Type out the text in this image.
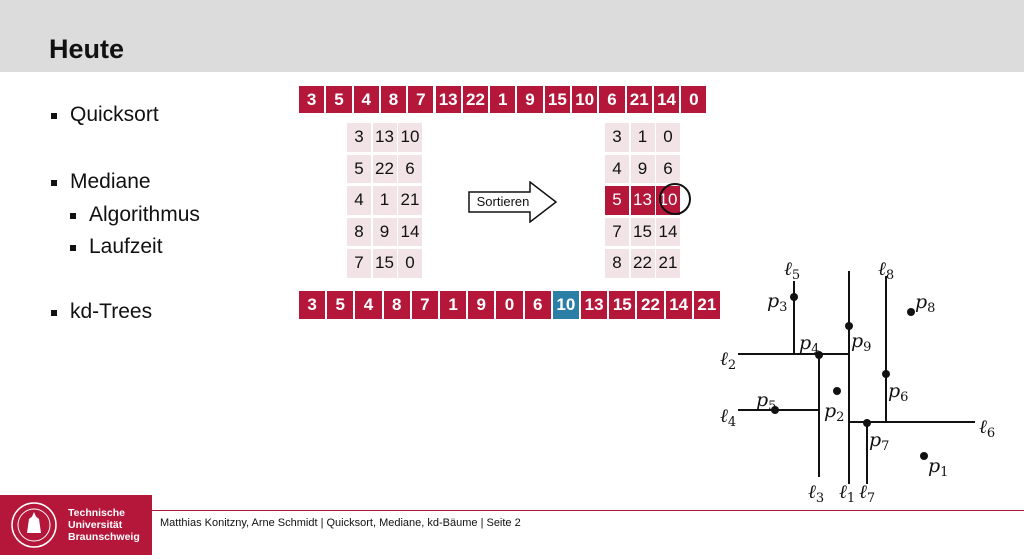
Heute
Quicksort
Mediane
Algorithmus
Laufzeit
kd-Trees
3	5	4	8	7 13 22 1	9 15 10 6 21 14 0
3	5	4	8	7	1	9	0	6 10 13 15 22 14 21
3 13 10
5 22 6
4 1 21
8 9 14
7 15 0
3 1 0
4 9 6
5 13 10
7 15 14
8 22 21
Sortieren
ℓ$_1$
ℓ$_2$
ℓ$_3$
ℓ$_4$
ℓ$_5$
ℓ$_6$
ℓ$_7$
ℓ$_8$
$p_1$
$p_2$
$p_3$
$p_4$
$p_5$
$p_6$
$p_7$
$p_8$
$p_9$
Technische
Universität
Braunschweig
Matthias Konitzny, Arne Schmidt | Quicksort, Mediane, kd-Bäume | Seite 2
